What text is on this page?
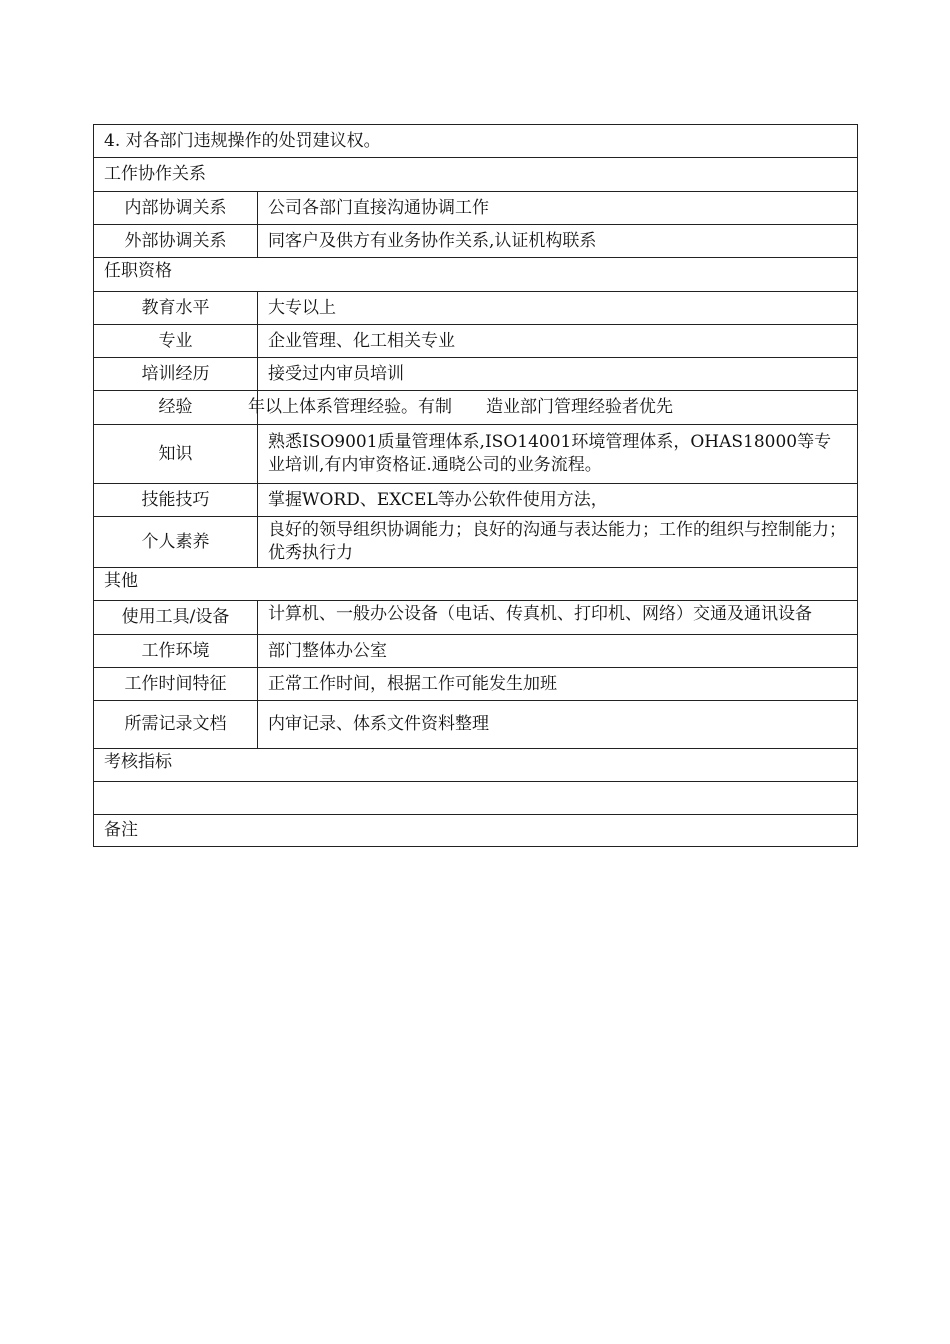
4. 对各部门违规操作的处罚建议权。	
工作协作关系	
内部协调关系	公司各部门直接沟通协调工作
外部协调关系	同客户及供方有业务协作关系,认证机构联系
任职资格	
教育水平	大专以上
专业	企业管理、化工相关专业
培训经历	接受过内审员培训
经验	年以上体系管理经验。有制　　造业部门管理经验者优先
知识	熟悉ISO9001质量管理体系,ISO14001环境管理体系，OHAS18000等专业培训,有内审资格证.通晓公司的业务流程。
技能技巧	掌握WORD、EXCEL等办公软件使用方法，
个人素养	良好的领导组织协调能力；良好的沟通与表达能力；工作的组织与控制能力；优秀执行力
其他	
使用工具/设备	计算机、一般办公设备（电话、传真机、打印机、网络）交通及通讯设备

工作环境	部门整体办公室
工作时间特征	正常工作时间，根据工作可能发生加班
所需记录文档	内审记录、体系文件资料整理
考核指标	

备注	
